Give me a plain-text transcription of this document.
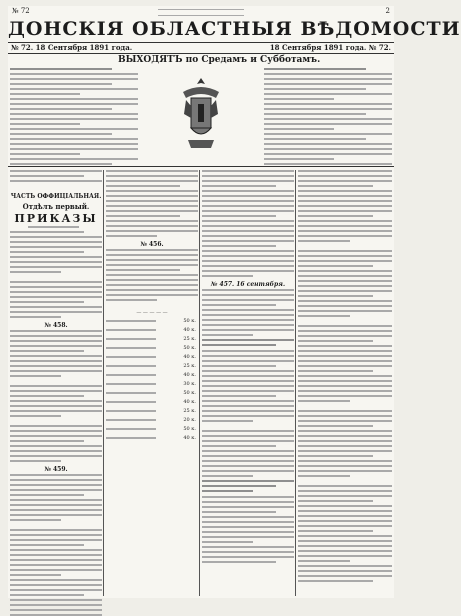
№ 72	2
ДОНСКІЯ ОБЛАСТНЫЯ ВѢДОМОСТИ
№ 72. 18 Сентября 1891 года.	18 Сентября 1891 года. № 72.
ВЫХОДЯТЪ по Средамъ и Субботамъ.
ЧАСТЬ ОФФИЦІАЛЬНАЯ.
Отдѣлъ первый.
ПРИКАЗЫ
№ 458.
№ 459.
№ 456.
— — — — —
50 к.
40 к.
25 к.
50 к.
40 к.
25 к.
40 к.
30 к.
50 к.
40 к.
25 к.
20 к.
50 к.
40 к.
№ 457. 16 сентября.
